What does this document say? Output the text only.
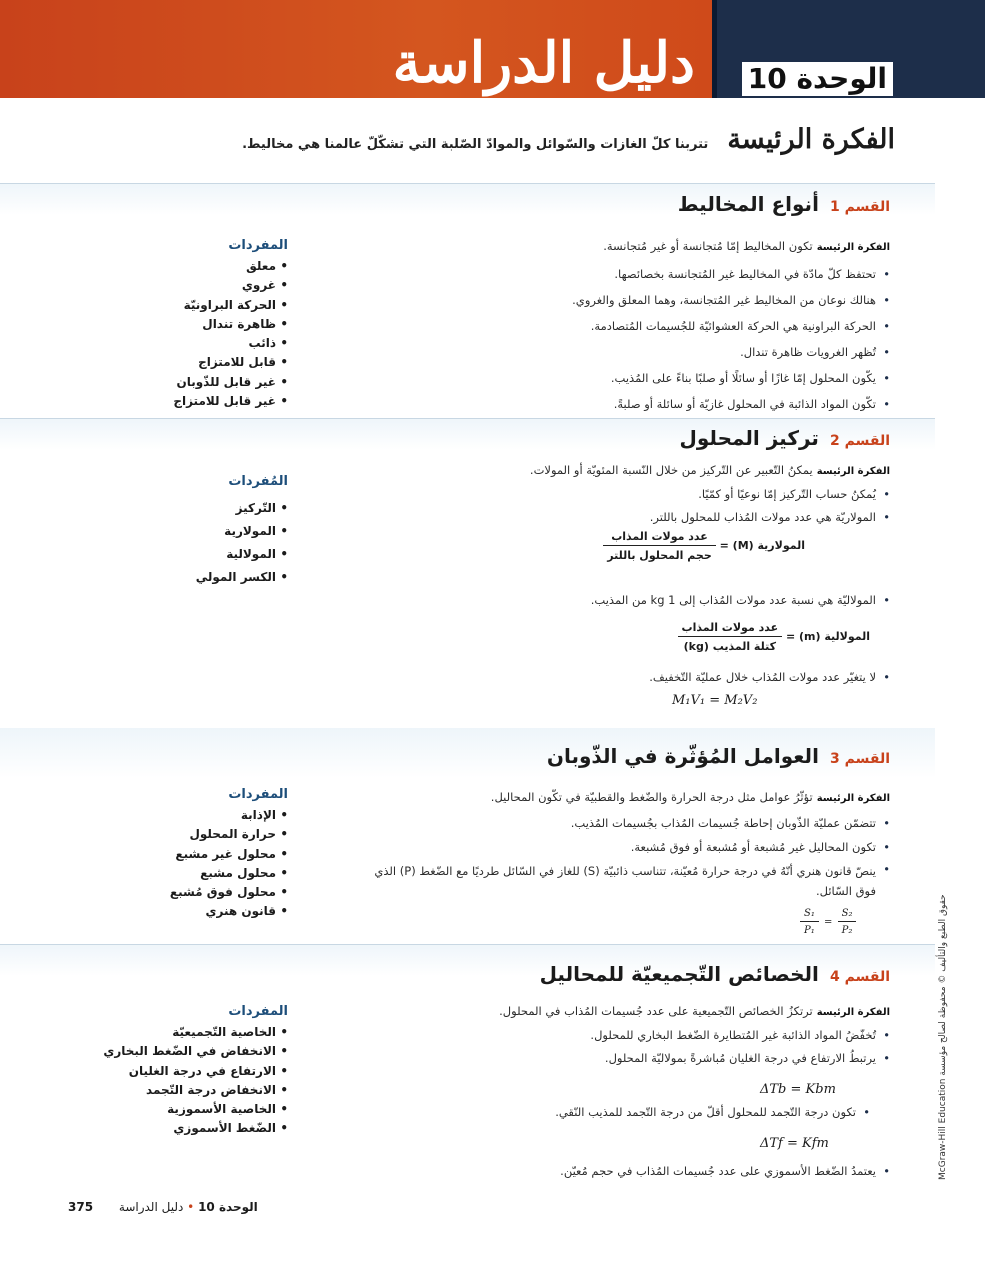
دليل الدراسة الوحدة 10
الفكرة الرئيسة تتربنا كلّ الغازات والسّوائل والموادّ الصّلبة التي تشكّلّ عالمنا هي مخاليط.
القسم 1 أنواع المخاليط
الفكرة الرئيسةتكون المخاليط إمّا مُتجانسة أو غير مُتجانسة.
• تحتفظ كلّ مادّة في المخاليط غير المُتجانسة بخصائصها.
• هنالك نوعان من المخاليط غير المُتجانسة، وهما المعلق والغروي.
• الحركة البراونية هي الحركة العشوائيّة للجُسيمات المُتصادمة.
• تُظهر الغرويات ظاهرة تندال.
• يكّون المحلول إمّا غازًا أو سائلًا أو صلبًا بناءً على المُذيب.
• تكّون المواد الذائبة في المحلول غازيّة أو سائلة أو صلبةً.
المفردات
• معلق
• غروي
• الحركة البراونيّة
• ظاهرة تندال
• ذائب
• قابل للامتزاج
• غير قابل للذّوبان
• غير قابل للامتزاج
القسم 2 تركيز المحلول
الفكرة الرئيسةيمكنُ التّعبير عن التّركيز من خلال النّسبة المئويّة أو المولات.
• يُمكنُ حساب التّركيز إمّا نوعيًا أو كمّيًا.
• المولاريّة هي عدد مولات المُذاب للمحلول باللتر.
المولارية (M) =
$\frac{\text{عدد مولات المذاب}}{\text{حجم المحلول باللتر}}$
• المولاليّة هي نسبة عدد مولات المُذاب إلى 1 kg من المذيب.
المولالية (m) =
$\frac{\text{عدد مولات المذاب}}{\text{كتلة المذيب (kg)}}$
• لا يتغيّر عدد مولات المُذاب خلال عمليّة التّخفيف.
M₁V₁ = M₂V₂
المُفردات
• التّركيز
• المولارية
• المولالية
• الكسر المولي
القسم 3 العوامل المُؤثّرة في الذّوبان
الفكرة الرئيسةتؤثّرُ عوامل مثل درجة الحرارة والضّغط والقطبيّة في تكّون المحاليل.
• تتضمّن عمليّة الذّوبان إحاطة جُسيمات المُذاب بجُسيمات المُذيب.
• تكون المحاليل غير مُشبعة أو مُشبعة أو فوق مُشبعة.
• ينصّ قانون هنري أنّهُ في درجة حرارة مُعيّنة، تتناسب ذائبيّة (S) للغاز في السّائل طرديًا مع الضّغط (P) الذي فوق السّائل.
$\frac{\text{S₁}}{\text{P₁}} = \frac{\text{S₂}}{\text{P₂}}$
المفردات
• الإذابة
• حرارة المحلول
• محلول غير مشبع
• محلول مشبع
• محلول فوق مُشبع
• قانون هنري
القسم 4 الخصائص التّجميعيّة للمحاليل
الفكرة الرئيسةترتكزُ الخصائص التّجميعية على عدد جُسيمات المُذاب في المحلول.
• تُخفّضُ المواد الذائبة غير المُتطايرة الضّغط البخاري للمحلول.
• يرتبطُ الارتفاع في درجة الغليان مُباشرةً بمولاليّة المحلول.
ΔTb = Kbm
• تكون درجة التّجمد للمحلول أقلّ من درجة التّجمد للمذيب النّقي.
ΔTf = Kfm
• يعتمدُ الضّغط الأسموزي على عدد جُسيمات المُذاب في حجم مُعيّن.
المفردات
• الخاصية التّجميعيّة
• الانخفاض في الضّغط البخاري
• الارتفاع في درجة الغليان
• الانخفاض درجة التّجمد
• الخاصية الأسموزية
• الضّغط الأسموزي	McGraw-Hill Education حقوق الطبع والتأليف © محفوظة لصالح مؤسسة
375	الوحدة 10 • دليل الدراسة
